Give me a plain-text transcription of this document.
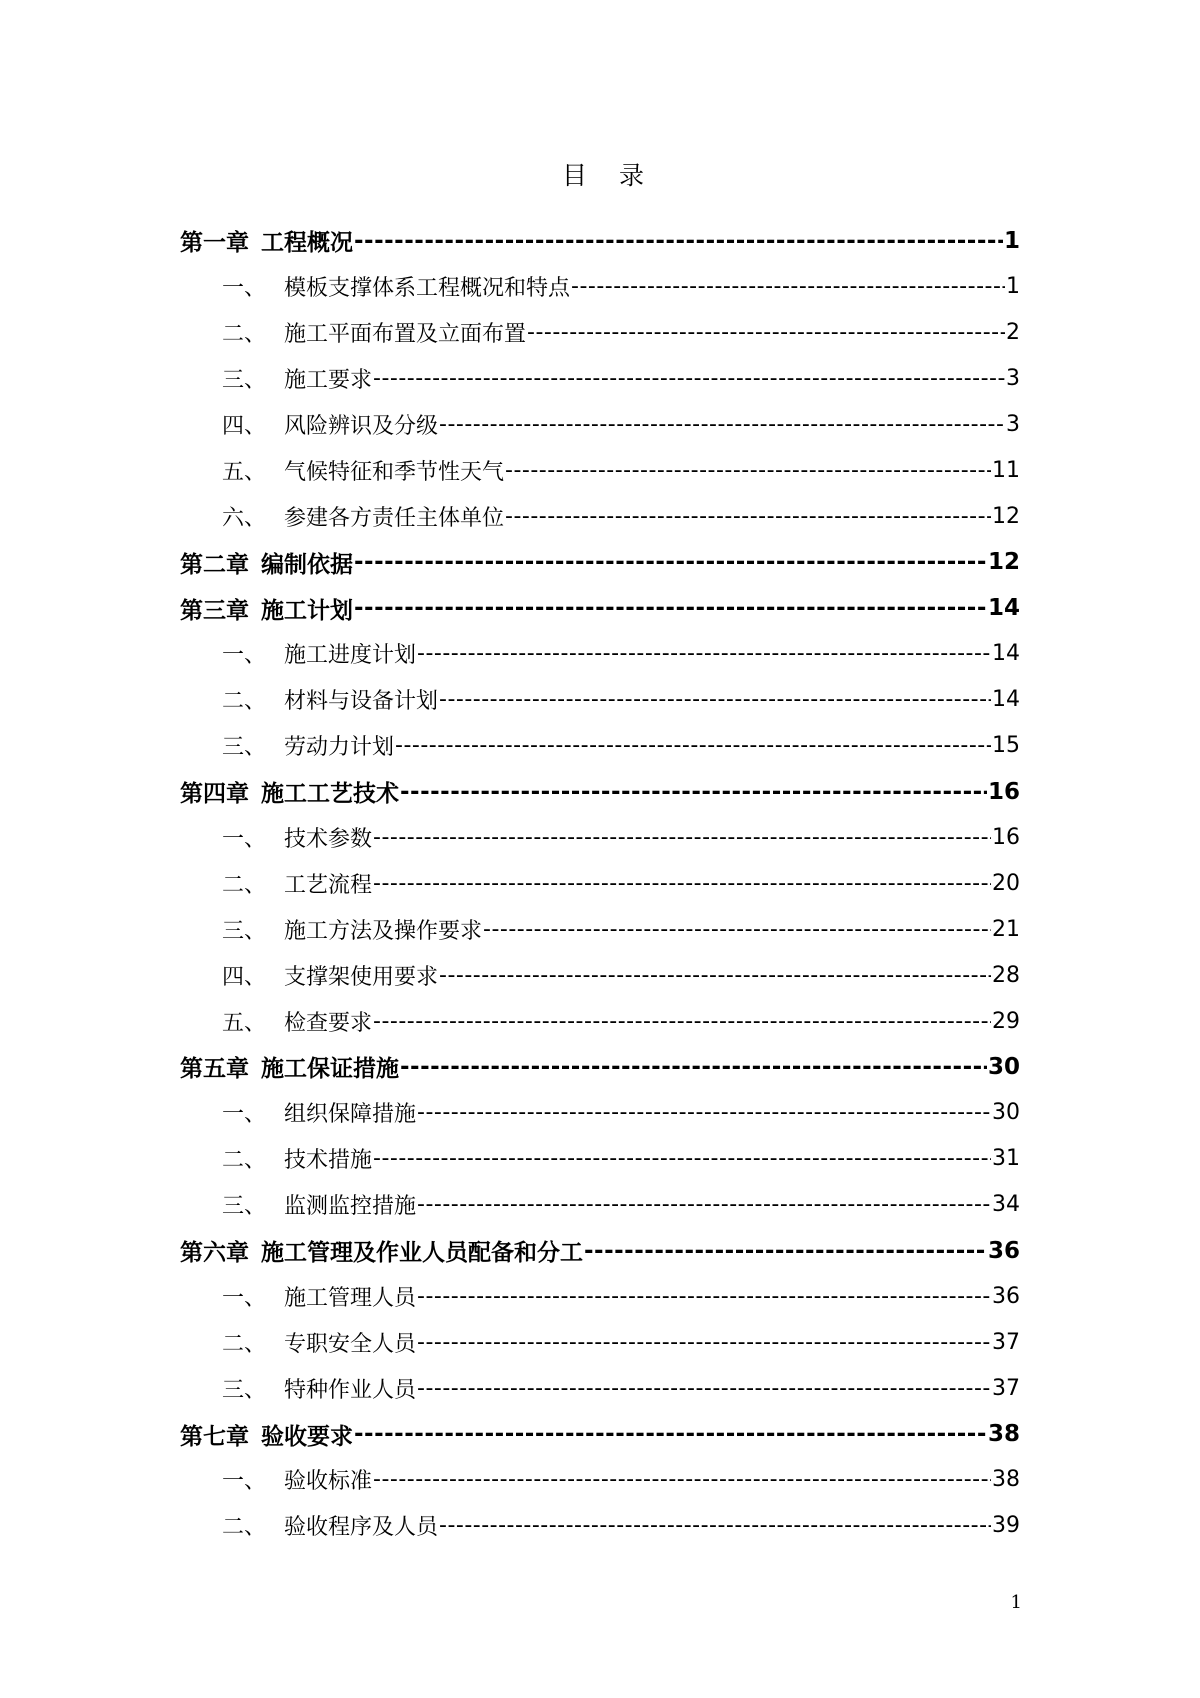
目 录
第一章 工程概况 -----	1
一、 模板支撑体系工程概况和特点 -----	1
二、 施工平面布置及立面布置 -----	2
三、 施工要求 -----	3
四、 风险辨识及分级 -----	3
五、 气候特征和季节性天气 -----	11
六、 参建各方责任主体单位 -----	12
第二章 编制依据 -----	12
第三章 施工计划 -----	14
一、 施工进度计划 -----	14
二、 材料与设备计划 -----	14
三、 劳动力计划 -----	15
第四章 施工工艺技术 -----	16
一、 技术参数 -----	16
二、 工艺流程 -----	20
三、 施工方法及操作要求 -----	21
四、 支撑架使用要求 -----	28
五、 检查要求 -----	29
第五章 施工保证措施 -----	30
一、 组织保障措施 -----	30
二、 技术措施 -----	31
三、 监测监控措施 -----	34
第六章 施工管理及作业人员配备和分工 -----	36
一、 施工管理人员 -----	36
二、 专职安全人员 -----	37
三、 特种作业人员 -----	37
第七章 验收要求 -----	38
一、 验收标准 -----	38
二、 验收程序及人员 -----	39
1
